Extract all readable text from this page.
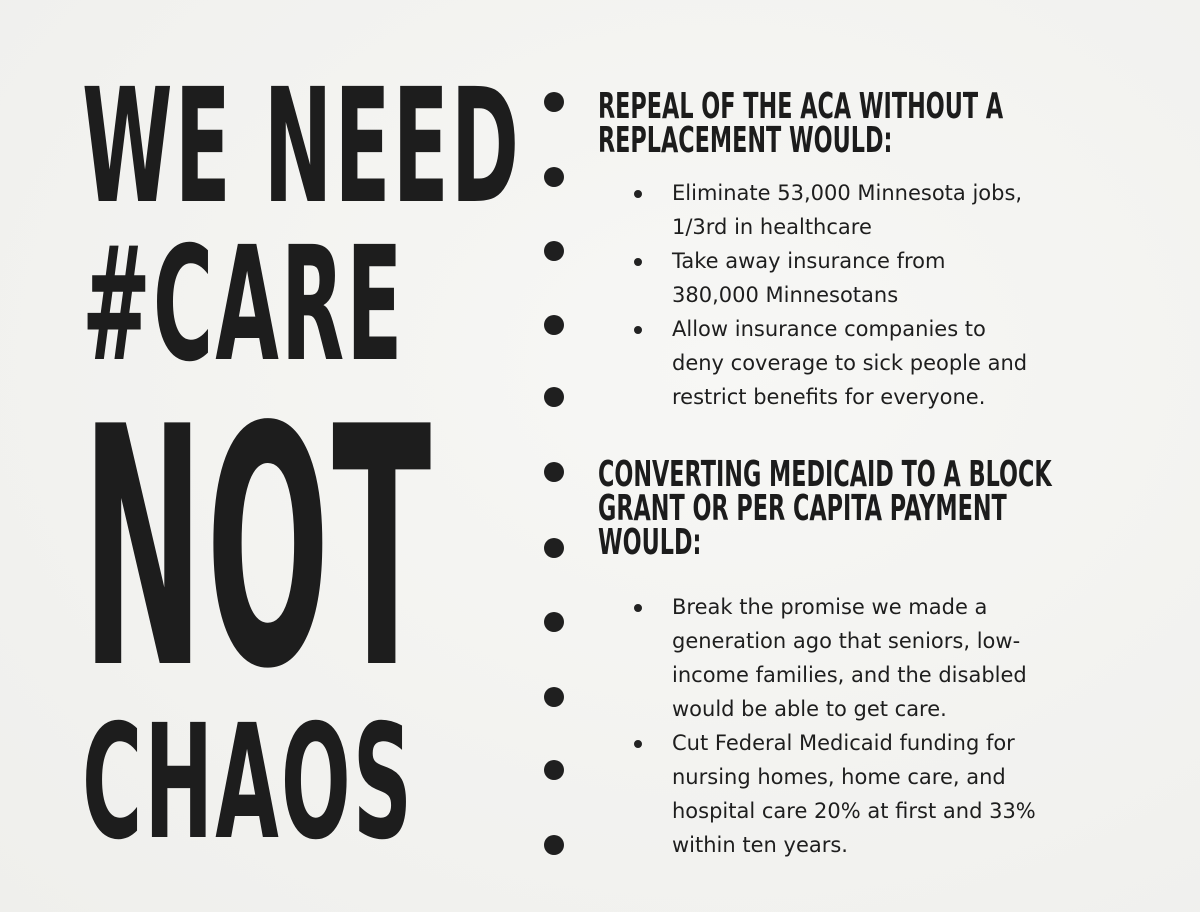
WE NEED
#CARE
NOT
CHAOS
REPEAL OF THE ACA WITHOUT A
REPLACEMENT WOULD:
Eliminate 53,000 Minnesota jobs,
1/3rd in healthcare
Take away insurance from
380,000 Minnesotans
Allow insurance companies to
deny coverage to sick people and
restrict benefits for everyone.
CONVERTING MEDICAID TO A BLOCK
GRANT OR PER CAPITA PAYMENT
WOULD:
Break the promise we made a
generation ago that seniors, low-
income families, and the disabled
would be able to get care.
Cut Federal Medicaid funding for
nursing homes, home care, and
hospital care 20% at first and 33%
within ten years.
